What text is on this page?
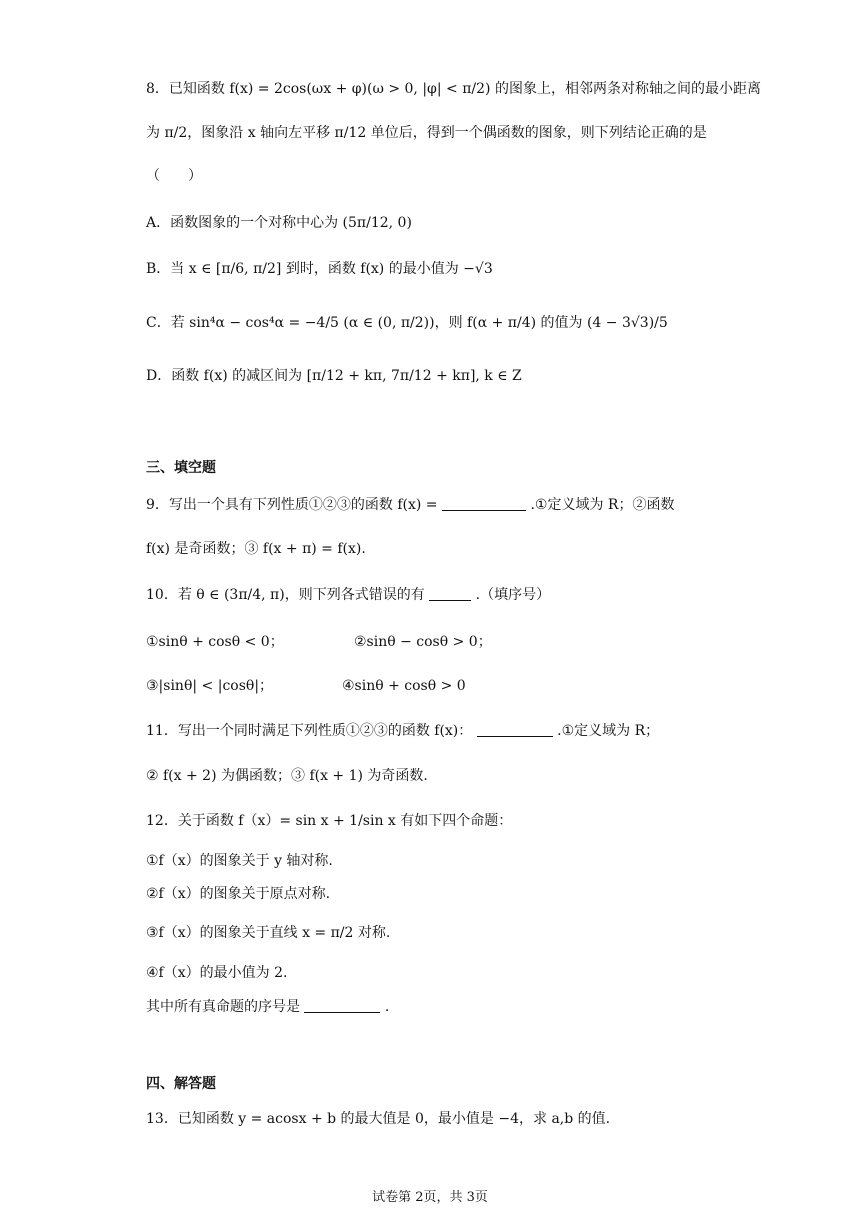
8．已知函数 f(x) = 2cos(ωx + φ)(ω > 0, |φ| < π/2) 的图象上，相邻两条对称轴之间的最小距离
为 π/2，图象沿 x 轴向左平移 π/12 单位后，得到一个偶函数的图象，则下列结论正确的是
（　　）
A．函数图象的一个对称中心为 (5π/12, 0)
B．当 x ∈ [π/6, π/2] 到时，函数 f(x) 的最小值为 −√3
C．若 sin⁴α − cos⁴α = −4/5 (α ∈ (0, π/2))，则 f(α + π/4) 的值为 (4 − 3√3)/5
D．函数 f(x) 的减区间为 [π/12 + kπ, 7π/12 + kπ], k ∈ Z
三、填空题
9．写出一个具有下列性质①②③的函数 f(x) =	.①定义域为 R；②函数
f(x) 是奇函数；③ f(x + π) = f(x).
10．若 θ ∈ (3π/4, π)，则下列各式错误的有	.（填序号）
①sinθ + cosθ < 0；	②sinθ − cosθ > 0；
③|sinθ| < |cosθ|；	④sinθ + cosθ > 0
11．写出一个同时满足下列性质①②③的函数 f(x)：	.①定义域为 R；
② f(x + 2) 为偶函数；③ f(x + 1) 为奇函数.
12．关于函数 f（x）= sin x + 1/sin x 有如下四个命题：
①f（x）的图象关于 y 轴对称.
②f（x）的图象关于原点对称.
③f（x）的图象关于直线 x = π/2 对称.
④f（x）的最小值为 2.
其中所有真命题的序号是	.
四、解答题
13．已知函数 y = acosx + b 的最大值是 0，最小值是 −4，求 a,b 的值.
试卷第 2页，共 3页
